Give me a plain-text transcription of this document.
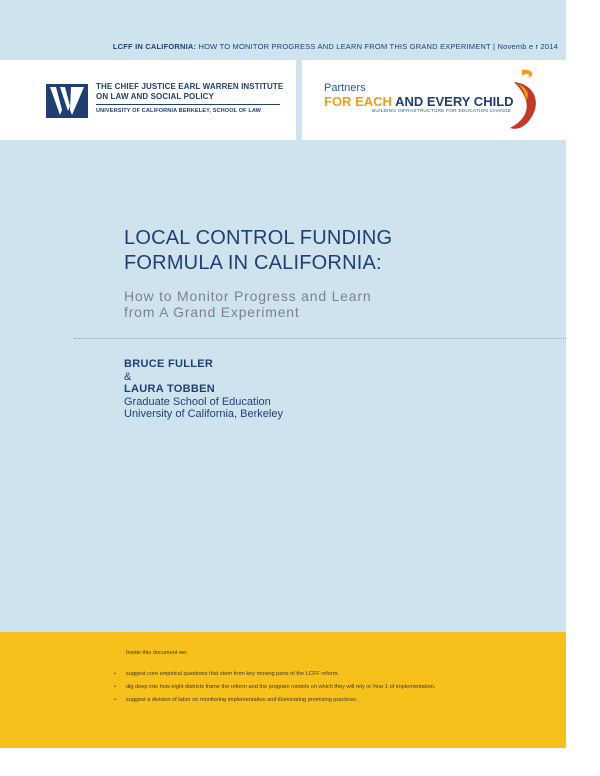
LCFF IN CALIFORNIA: HOW TO MONITOR PROGRESS AND LEARN FROM THIS GRAND EXPERIMENT | Novemb e r 2014
THE CHIEF JUSTICE EARL WARREN INSTITUTE
ON LAW AND SOCIAL POLICY
UNIVERSITY OF CALIFORNIA BERKELEY, SCHOOL OF LAW
Partners
FOR EACH AND EVERY CHILD
BUILDING INFRASTRUCTURE FOR EDUCATION CHANGE
LOCAL CONTROL FUNDING
FORMULA IN CALIFORNIA:
How to Monitor Progress and Learn
from A Grand Experiment
BRUCE FULLER
&
LAURA TOBBEN
Graduate School of Education
University of California, Berkeley
Inside this document we:
• suggest core empirical questions that stem from key moving parts of the LCFF reform.
• dig deep into how eight districts frame the reform and the program models on which they will rely in Year 1 of implementation.
• suggest a division of labor on monitoring implementation and illuminating promising practices.
